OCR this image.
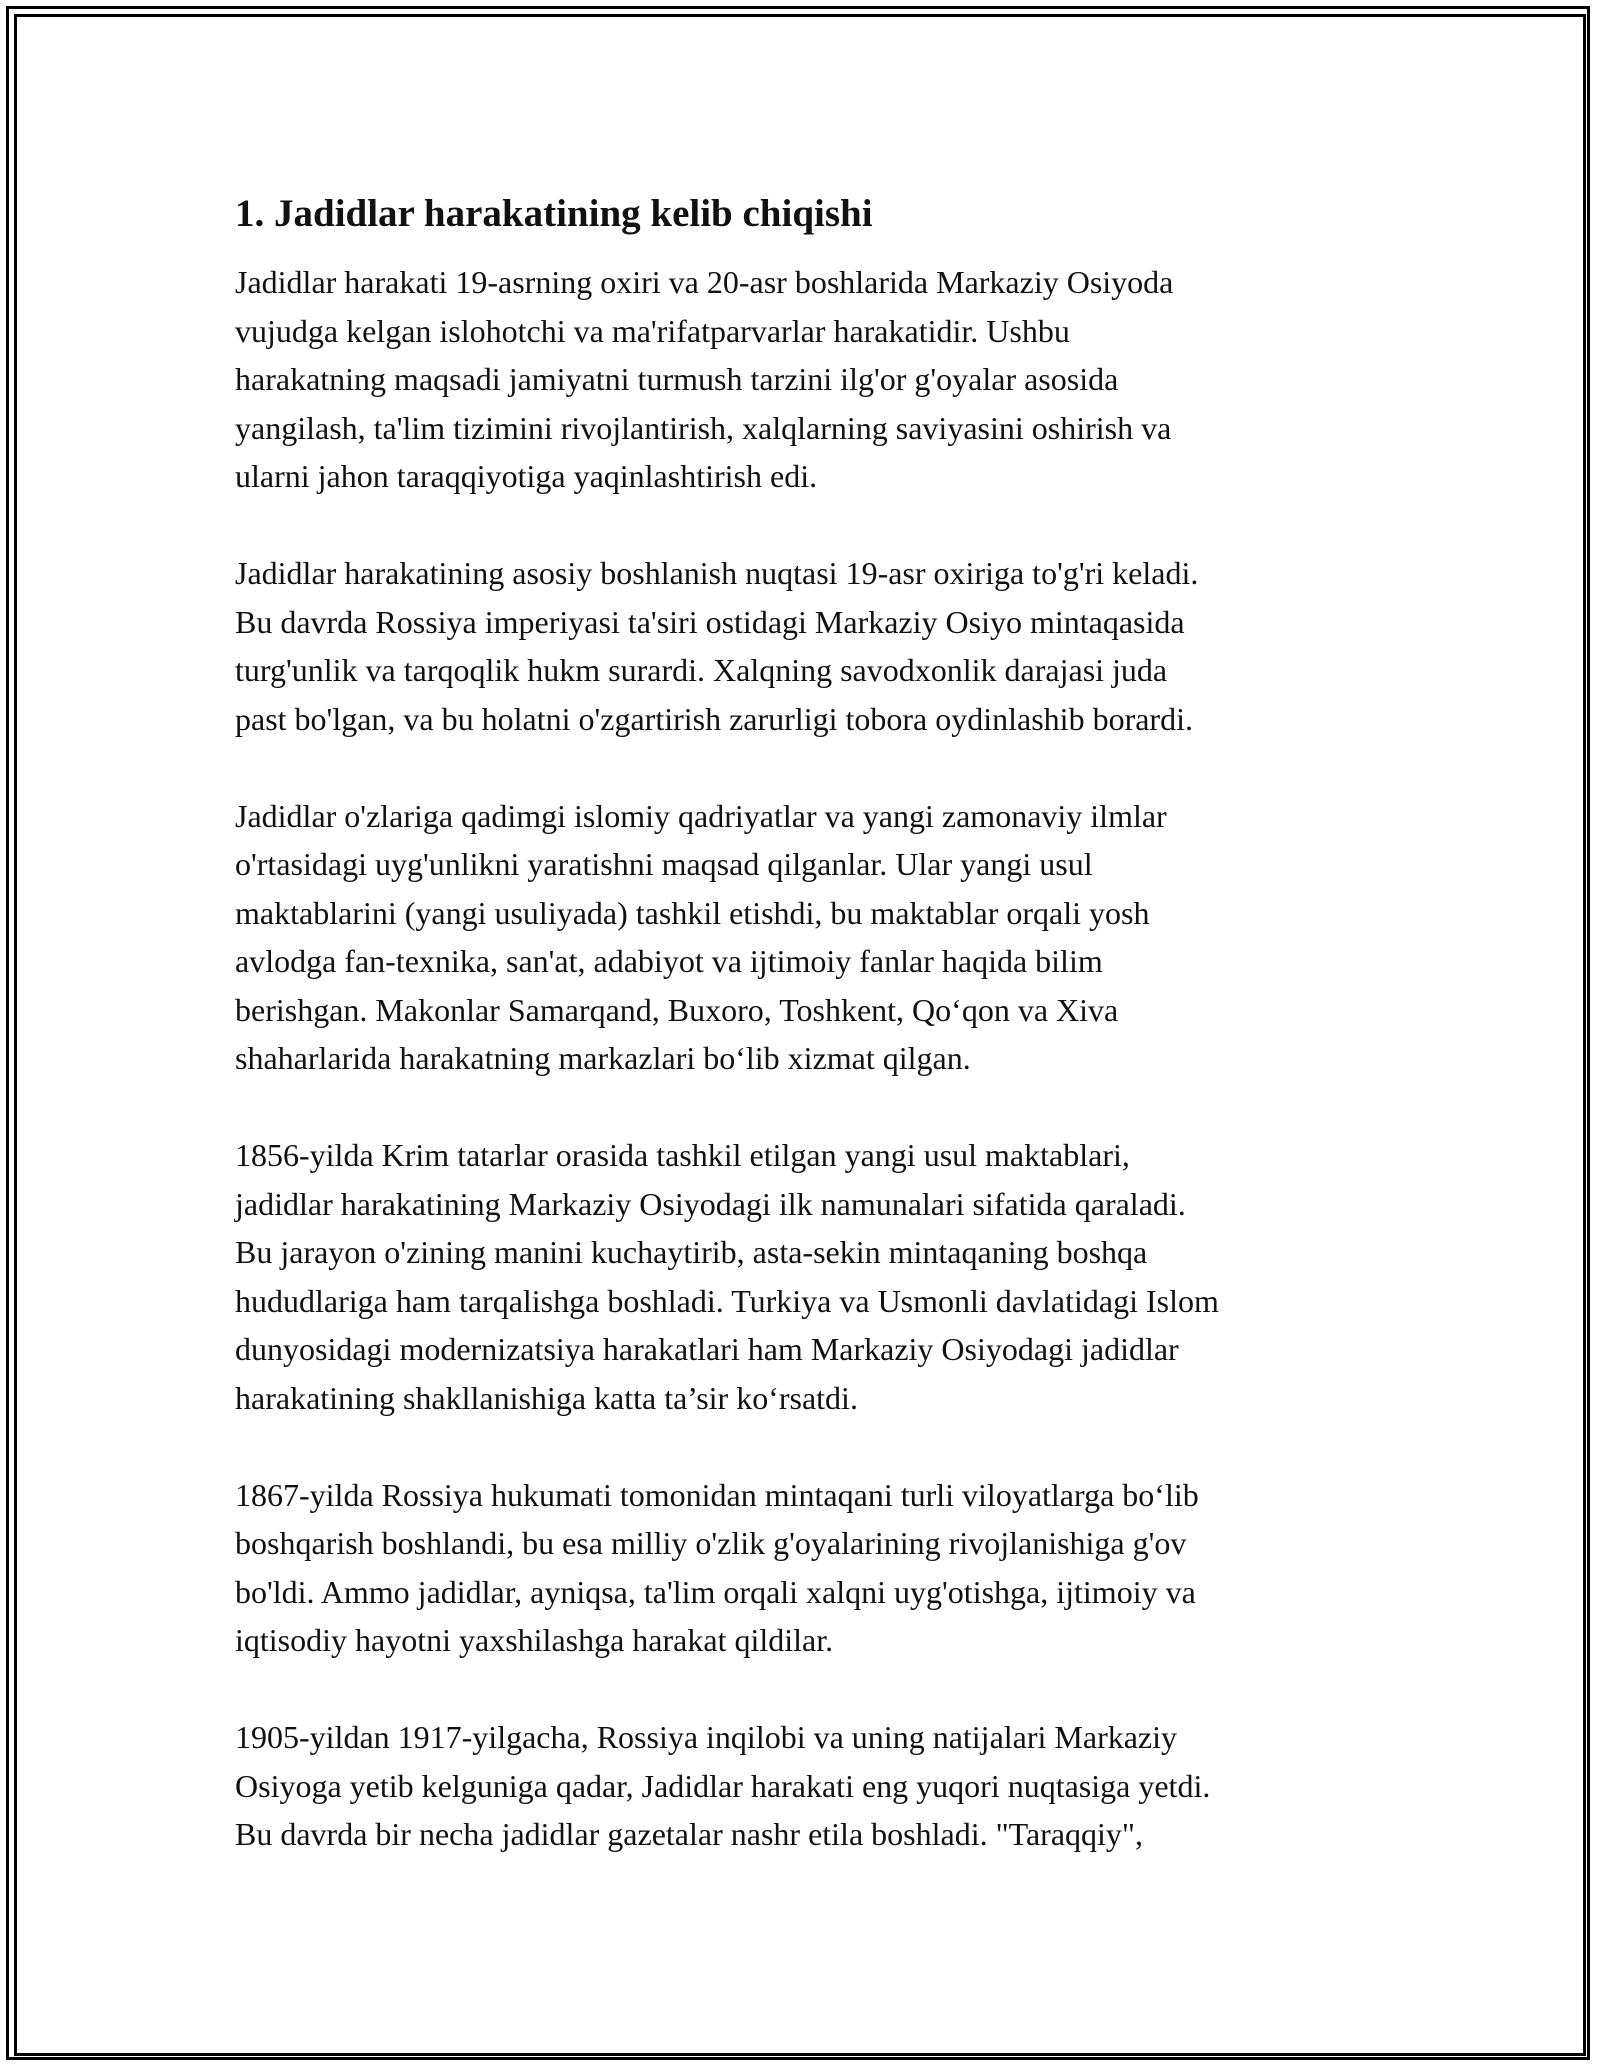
1. Jadidlar harakatining kelib chiqishi
Jadidlar harakati 19-asrning oxiri va 20-asr boshlarida Markaziy Osiyoda
vujudga kelgan islohotchi va ma'rifatparvarlar harakatidir. Ushbu
harakatning maqsadi jamiyatni turmush tarzini ilg'or g'oyalar asosida
yangilash, ta'lim tizimini rivojlantirish, xalqlarning saviyasini oshirish va
ularni jahon taraqqiyotiga yaqinlashtirish edi.
Jadidlar harakatining asosiy boshlanish nuqtasi 19-asr oxiriga to'g'ri keladi.
Bu davrda Rossiya imperiyasi ta'siri ostidagi Markaziy Osiyo mintaqasida
turg'unlik va tarqoqlik hukm surardi. Xalqning savodxonlik darajasi juda
past bo'lgan, va bu holatni o'zgartirish zarurligi tobora oydinlashib borardi.
Jadidlar o'zlariga qadimgi islomiy qadriyatlar va yangi zamonaviy ilmlar
o'rtasidagi uyg'unlikni yaratishni maqsad qilganlar. Ular yangi usul
maktablarini (yangi usuliyada) tashkil etishdi, bu maktablar orqali yosh
avlodga fan-texnika, san'at, adabiyot va ijtimoiy fanlar haqida bilim
berishgan. Makonlar Samarqand, Buxoro, Toshkent, Qo‘qon va Xiva
shaharlarida harakatning markazlari bo‘lib xizmat qilgan.
1856-yilda Krim tatarlar orasida tashkil etilgan yangi usul maktablari,
jadidlar harakatining Markaziy Osiyodagi ilk namunalari sifatida qaraladi.
Bu jarayon o'zining manini kuchaytirib, asta-sekin mintaqaning boshqa
hududlariga ham tarqalishga boshladi. Turkiya va Usmonli davlatidagi Islom
dunyosidagi modernizatsiya harakatlari ham Markaziy Osiyodagi jadidlar
harakatining shakllanishiga katta ta’sir ko‘rsatdi.
1867-yilda Rossiya hukumati tomonidan mintaqani turli viloyatlarga bo‘lib
boshqarish boshlandi, bu esa milliy o'zlik g'oyalarining rivojlanishiga g'ov
bo'ldi. Ammo jadidlar, ayniqsa, ta'lim orqali xalqni uyg'otishga, ijtimoiy va
iqtisodiy hayotni yaxshilashga harakat qildilar.
1905-yildan 1917-yilgacha, Rossiya inqilobi va uning natijalari Markaziy
Osiyoga yetib kelguniga qadar, Jadidlar harakati eng yuqori nuqtasiga yetdi.
Bu davrda bir necha jadidlar gazetalar nashr etila boshladi. "Taraqqiy",
